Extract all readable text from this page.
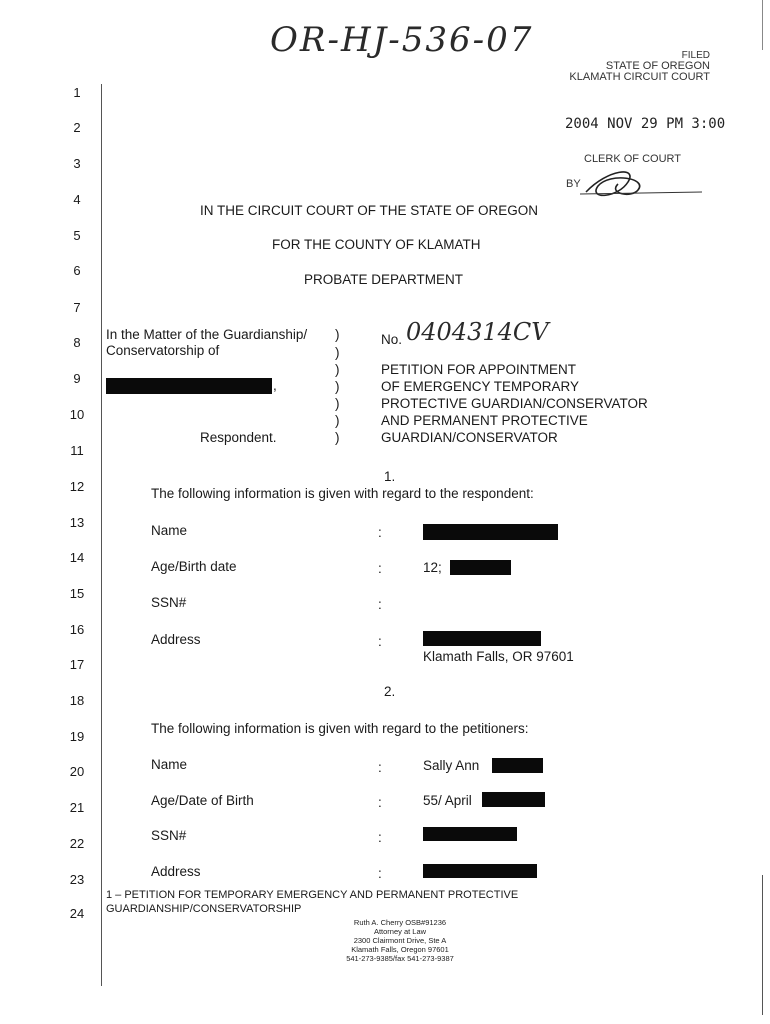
OR-HJ-536-07	FILED
STATE OF OREGON
KLAMATH CIRCUIT COURT
2004 NOV 29 PM 3:00
CLERK OF COURT
BY
1
2
3
4
5
6
7
8
9
10
11
12
13
14
15
16
17
18
19
20
21
22
23
24
IN THE CIRCUIT COURT OF THE STATE OF OREGON
FOR THE COUNTY OF KLAMATH
PROBATE DEPARTMENT
In the Matter of the Guardianship/
Conservatorship of
,
Respondent.
)
)
)
)
)
)
)
No. 0404314CV
PETITION FOR APPOINTMENT
OF EMERGENCY TEMPORARY
PROTECTIVE GUARDIAN/CONSERVATOR
AND PERMANENT PROTECTIVE
GUARDIAN/CONSERVATOR
1.
The following information is given with regard to the respondent:
Name	:
Age/Birth date	:	12;
SSN#	:
Address	:
Klamath Falls, OR 97601
2.
The following information is given with regard to the petitioners:
Name	:	Sally Ann
Age/Date of Birth	:	55/ April
SSN#	:
Address	:
1 – PETITION FOR TEMPORARY EMERGENCY AND PERMANENT PROTECTIVE
GUARDIANSHIP/CONSERVATORSHIP
Ruth A. Cherry OSB#91236
Attorney at Law
2300 Clairmont Drive, Ste A
Klamath Falls, Oregon 97601
541-273-9385/fax 541-273-9387
